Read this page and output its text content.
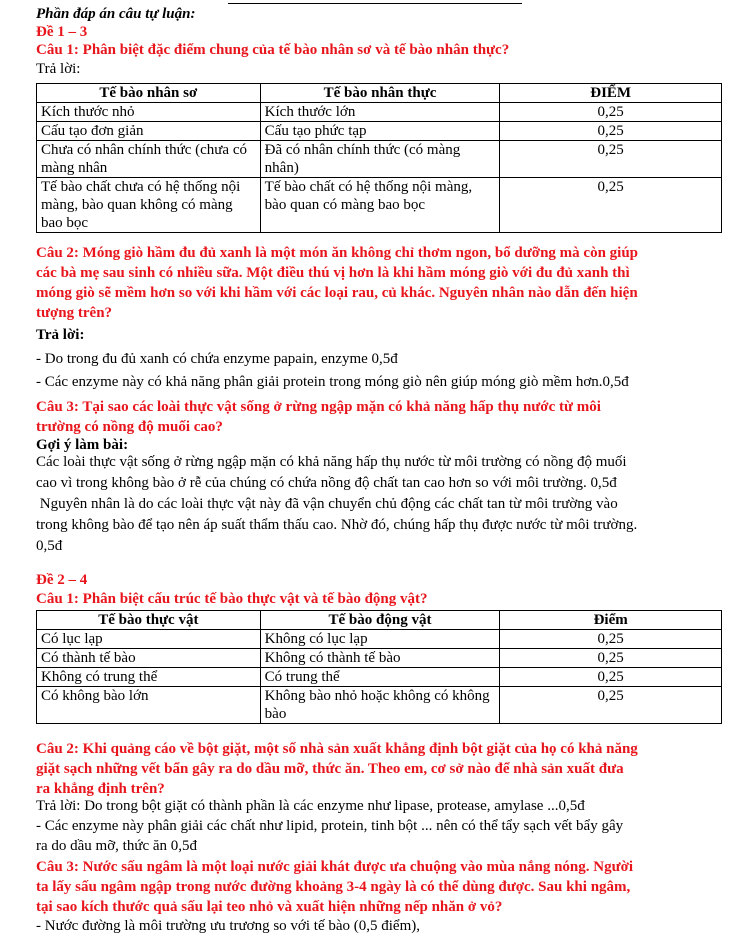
Phần đáp án câu tự luận:
Đề 1 – 3
Câu 1: Phân biệt đặc điểm chung của tế bào nhân sơ và tế bào nhân thực?
Trả lời:
Tế bào nhân sơ	Tế bào nhân thực	ĐIỂM
Kích thước nhỏ	Kích thước lớn	0,25
Cấu tạo đơn giản	Cấu tạo phức tạp	0,25
Chưa có nhân chính thức (chưa có màng nhân	Đã có nhân chính thức (có màng nhân)	0,25
Tế bào chất chưa có hệ thống nội màng, bào quan không có màng bao bọc	Tế bào chất có hệ thống nội màng, bào quan có màng bao bọc	0,25
Câu 2: Móng giò hầm đu đủ xanh là một món ăn không chỉ thơm ngon, bổ dưỡng mà còn giúp
các bà mẹ sau sinh có nhiều sữa. Một điều thú vị hơn là khi hầm móng giò với đu đủ xanh thì
móng giò sẽ mềm hơn so với khi hầm với các loại rau, củ khác. Nguyên nhân nào dẫn đến hiện
tượng trên?
Trả lời:
- Do trong đu đủ xanh có chứa enzyme papain, enzyme 0,5đ
- Các enzyme này có khả năng phân giải protein trong móng giò nên giúp móng giò mềm hơn.0,5đ
Câu 3: Tại sao các loài thực vật sống ở rừng ngập mặn có khả năng hấp thụ nước từ môi
trường có nồng độ muối cao?
Gợi ý làm bài:
Các loài thực vật sống ở rừng ngập mặn có khả năng hấp thụ nước từ môi trường có nồng độ muối
cao vì trong không bào ở rễ của chúng có chứa nồng độ chất tan cao hơn so với môi trường. 0,5đ
Nguyên nhân là do các loài thực vật này đã vận chuyển chủ động các chất tan từ môi trường vào
trong không bào để tạo nên áp suất thẩm thấu cao. Nhờ đó, chúng hấp thụ được nước từ môi trường.
0,5đ
Đề 2 – 4
Câu 1: Phân biệt cấu trúc tế bào thực vật và tế bào động vật?
Tế bào thực vật	Tế bào động vật	Điểm
Có lục lạp	Không có lục lạp	0,25
Có thành tế bào	Không có thành tế bào	0,25
Không có trung thể	Có trung thể	0,25
Có không bào lớn	Không bào nhỏ hoặc không có không bào	0,25
Câu 2: Khi quảng cáo về bột giặt, một số nhà sản xuất khẳng định bột giặt của họ có khả năng
giặt sạch những vết bẩn gây ra do dầu mỡ, thức ăn. Theo em, cơ sở nào để nhà sản xuất đưa
ra khẳng định trên?
Trả lời: Do trong bột giặt có thành phần là các enzyme như lipase, protease, amylase ...0,5đ
- Các enzyme này phân giải các chất như lipid, protein, tinh bột ... nên có thể tẩy sạch vết bẩy gây
ra do dầu mỡ, thức ăn 0,5đ
Câu 3: Nước sấu ngâm là một loại nước giải khát được ưa chuộng vào mùa nắng nóng. Người
ta lấy sấu ngâm ngập trong nước đường khoảng 3-4 ngày là có thể dùng được. Sau khi ngâm,
tại sao kích thước quả sấu lại teo nhỏ và xuất hiện những nếp nhăn ở vỏ?
- Nước đường là môi trường ưu trương so với tế bào (0,5 điểm),
